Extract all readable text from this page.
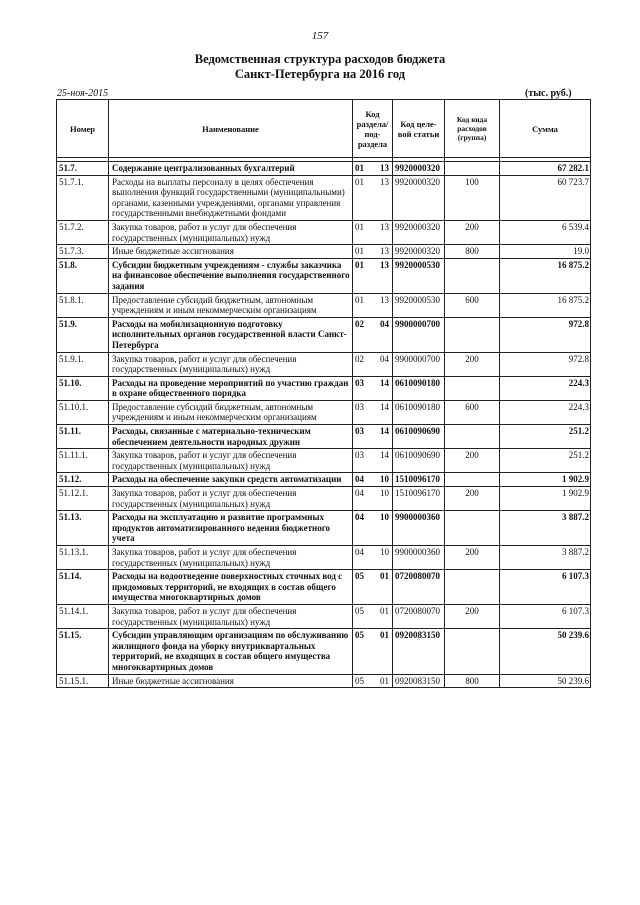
157
Ведомственная структура расходов бюджета
Санкт-Петербурга на 2016 год
25-ноя-2015	(тыс. руб.)
Номер	Наименование	Код раздела/ под- раздела		Код целе- вой статьи	Код вида расходов (группа)	Сумма

51.7.	Содержание централизованных бухгалтерий	01	13	9920000320		67 282.1
51.7.1.	Расходы на выплаты персоналу в целях обеспечения выполнения функций государственными (муниципальными) органами, казенными учреждениями, органами управления государственными внебюджетными фондами	01	13	9920000320	100	60 723.7
51.7.2.	Закупка товаров, работ и услуг для обеспечения государственных (муниципальных) нужд	01	13	9920000320	200	6 539.4
51.7.3.	Иные бюджетные ассигнования	01	13	9920000320	800	19.0
51.8.	Субсидии бюджетным учреждениям - службы заказчика на финансовое обеспечение выполнения государственного задания	01	13	9920000530		16 875.2
51.8.1.	Предоставление субсидий бюджетным, автономным учреждениям и иным некоммерческим организациям	01	13	9920000530	600	16 875.2
51.9.	Расходы на мобилизационную подготовку исполнительных органов государственной власти Санкт-Петербурга	02	04	9900000700		972.8
51.9.1.	Закупка товаров, работ и услуг для обеспечения государственных (муниципальных) нужд	02	04	9900000700	200	972.8
51.10.	Расходы на проведение мероприятий по участию граждан в охране общественного порядка	03	14	0610090180		224.3
51.10.1.	Предоставление субсидий бюджетным, автономным учреждениям и иным некоммерческим организациям	03	14	0610090180	600	224.3
51.11.	Расходы, связанные с материально-техническим обеспечением деятельности народных дружин	03	14	0610090690		251.2
51.11.1.	Закупка товаров, работ и услуг для обеспечения государственных (муниципальных) нужд	03	14	0610090690	200	251.2
51.12.	Расходы на обеспечение закупки средств автоматизации	04	10	1510096170		1 902.9
51.12.1.	Закупка товаров, работ и услуг для обеспечения государственных (муниципальных) нужд	04	10	1510096170	200	1 902.9
51.13.	Расходы на эксплуатацию и развитие программных продуктов автоматизированного ведения бюджетного учета	04	10	9900000360		3 887.2
51.13.1.	Закупка товаров, работ и услуг для обеспечения государственных (муниципальных) нужд	04	10	9900000360	200	3 887.2
51.14.	Расходы на водоотведение поверхностных сточных вод с придомовых территорий, не входящих в состав общего имущества многоквартирных домов	05	01	0720080070		6 107.3
51.14.1.	Закупка товаров, работ и услуг для обеспечения государственных (муниципальных) нужд	05	01	0720080070	200	6 107.3
51.15.	Субсидии управляющим организациям по обслуживанию жилищного фонда на уборку внутриквартальных территорий, не входящих в состав общего имущества многоквартирных домов	05	01	0920083150		50 239.6
51.15.1.	Иные бюджетные ассигнования	05	01	0920083150	800	50 239.6
